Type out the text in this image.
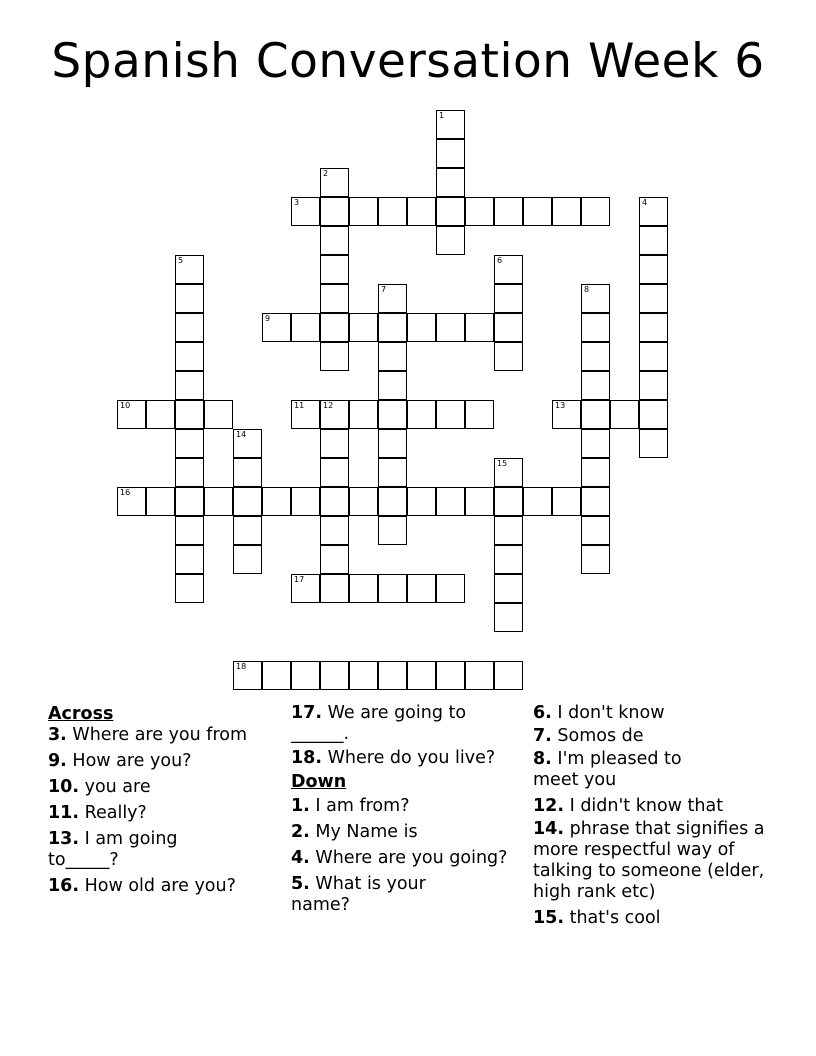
Spanish Conversation Week 6
1
2
3	4
5	6
7	8
9
10	11 12	13
14
15
16
17
18

Across

3. Where are you from

9. How are you?

10. you are

11. Really?

13. I am going to_____?

16. How old are you?

17. We are going to ______.

18. Where do you live?

Down

1. I am from?

2. My Name is

4. Where are you going?

5. What is your name?

6. I don't know

7. Somos de

8. I'm pleased to meet you

12. I didn't know that

14. phrase that signifies a more respectful way of talking to someone (elder, high rank etc)

15. that's cool
